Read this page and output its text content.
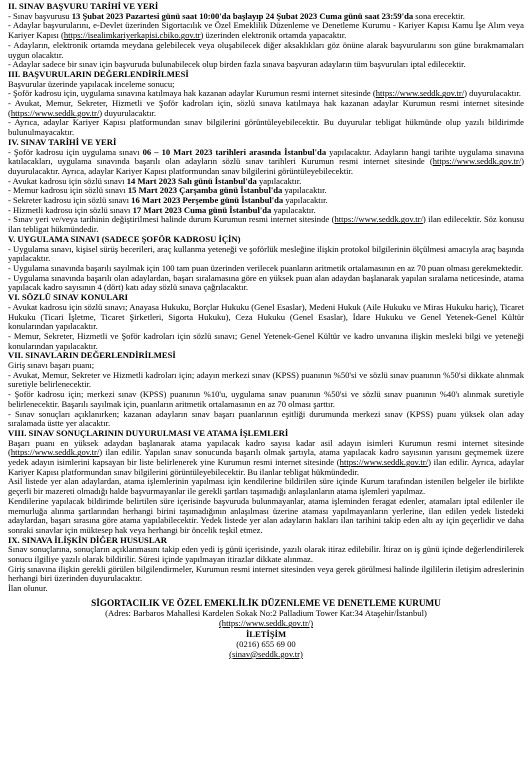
II. SINAV BAŞVURU TARİHİ VE YERİ

- Sınav başvurusu 13 Şubat 2023 Pazartesi günü saat 10:00'da başlayıp 24 Şubat 2023 Cuma günü saat 23:59'da sona erecektir.

- Adaylar başvurularını, e-Devlet üzerinden Sigortacılık ve Özel Emeklilik Düzenleme ve Denetleme Kurumu - Kariyer Kapısı Kamu İşe Alım veya Kariyer Kapısı (https://isealimkariyerkapisi.cbiko.gov.tr) üzerinden elektronik ortamda yapacaktır.

- Adayların, elektronik ortamda meydana gelebilecek veya oluşabilecek diğer aksaklıkları göz önüne alarak başvurularını son güne bırakmamaları uygun olacaktır.

- Adaylar sadece bir sınav için başvuruda bulunabilecek olup birden fazla sınava başvuran adayların tüm başvuruları iptal edilecektir.

III. BAŞVURULARIN DEĞERLENDİRİLMESİ

Başvurular üzerinde yapılacak inceleme sonucu;

- Şoför kadrosu için, uygulama sınavına katılmaya hak kazanan adaylar Kurumun resmi internet sitesinde (https://www.seddk.gov.tr/) duyurulacaktır.

- Avukat, Memur, Sekreter, Hizmetli ve Şoför kadroları için, sözlü sınava katılmaya hak kazanan adaylar Kurumun resmi internet sitesinde (https://www.seddk.gov.tr/) duyurulacaktır.

- Ayrıca, adaylar Kariyer Kapısı platformundan sınav bilgilerini görüntüleyebilecektir. Bu duyurular tebligat hükmünde olup yazılı bildirimde bulunulmayacaktır.

IV. SINAV TARİHİ VE YERİ

- Şoför kadrosu için uygulama sınavı 06 – 10 Mart 2023 tarihleri arasında İstanbul'da yapılacaktır. Adayların hangi tarihte uygulama sınavına katılacakları, uygulama sınavında başarılı olan adayların sözlü sınav tarihleri Kurumun resmi internet sitesinde (https://www.seddk.gov.tr/) duyurulacaktır. Ayrıca, adaylar Kariyer Kapısı platformundan sınav bilgilerini görüntüleyebilecektir.

- Avukat kadrosu için sözlü sınavı 14 Mart 2023 Salı günü İstanbul'da yapılacaktır.

- Memur kadrosu için sözlü sınavı 15 Mart 2023 Çarşamba günü İstanbul'da yapılacaktır.

- Sekreter kadrosu için sözlü sınavı 16 Mart 2023 Perşembe günü İstanbul'da yapılacaktır.

- Hizmetli kadrosu için sözlü sınavı 17 Mart 2023 Cuma günü İstanbul'da yapılacaktır.

- Sınav yeri ve/veya tarihinin değiştirilmesi halinde durum Kurumun resmi internet sitesinde (https://www.seddk.gov.tr/) ilan edilecektir. Söz konusu ilan tebligat hükmündedir.

V. UYGULAMA SINAVI (SADECE ŞOFÖR KADROSU İÇİN)

- Uygulama sınavı, kişisel sürüş becerileri, araç kullanma yeteneği ve şoförlük mesleğine ilişkin protokol bilgilerinin ölçülmesi amacıyla araç başında yapılacaktır.

- Uygulama sınavında başarılı sayılmak için 100 tam puan üzerinden verilecek puanların aritmetik ortalamasının en az 70 puan olması gerekmektedir.

- Uygulama sınavında başarılı olan adaylardan, başarı sıralamasına göre en yüksek puan alan adaydan başlanarak yapılan sıralama neticesinde, atama yapılacak kadro sayısının 4 (dört) katı aday sözlü sınava çağrılacaktır.

VI. SÖZLÜ SINAV KONULARI

- Avukat kadrosu için sözlü sınavı; Anayasa Hukuku, Borçlar Hukuku (Genel Esaslar), Medeni Hukuk (Aile Hukuku ve Miras Hukuku hariç), Ticaret Hukuku (Ticari İşletme, Ticaret Şirketleri, Sigorta Hukuku), Ceza Hukuku (Genel Esaslar), İdare Hukuku ve Genel Yetenek-Genel Kültür konularından yapılacaktır.

- Memur, Sekreter, Hizmetli ve Şoför kadroları için sözlü sınavı; Genel Yetenek-Genel Kültür ve kadro unvanına ilişkin mesleki bilgi ve yeteneği konularından yapılacaktır.

VII. SINAVLARIN DEĞERLENDİRİLMESİ

Giriş sınavı başarı puanı;

- Avukat, Memur, Sekreter ve Hizmetli kadroları için; adayın merkezi sınav (KPSS) puanının %50'si ve sözlü sınav puanının %50'si dikkate alınmak suretiyle belirlenecektir.

- Şoför kadrosu için; merkezi sınav (KPSS) puanının %10'u, uygulama sınav puanının %50'si ve sözlü sınav puanının %40'ı alınmak suretiyle belirlenecektir. Başarılı sayılmak için, puanların aritmetik ortalamasının en az 70 olması şarttır.

- Sınav sonuçları açıklanırken; kazanan adayların sınav başarı puanlarının eşitliği durumunda merkezi sınav (KPSS) puanı yüksek olan aday sıralamada üstte yer alacaktır.

VIII. SINAV SONUÇLARININ DUYURULMASI VE ATAMA İŞLEMLERİ

Başarı puanı en yüksek adaydan başlanarak atama yapılacak kadro sayısı kadar asil adayın isimleri Kurumun resmi internet sitesinde (https://www.seddk.gov.tr/) ilan edilir. Yapılan sınav sonucunda başarılı olmak şartıyla, atama yapılacak kadro sayısının yarısını geçmemek üzere yedek adayın isimlerini kapsayan bir liste belirlenerek yine Kurumun resmi internet sitesinde (https://www.seddk.gov.tr/) ilan edilir. Ayrıca, adaylar Kariyer Kapısı platformundan sınav bilgilerini görüntüleyebilecektir. Bu ilanlar tebligat hükmündedir.

Asil listede yer alan adaylardan, atama işlemlerinin yapılması için kendilerine bildirilen süre içinde Kurum tarafından istenilen belgeler ile birlikte geçerli bir mazereti olmadığı halde başvurmayanlar ile gerekli şartları taşımadığı anlaşılanların atama işlemleri yapılmaz.

Kendilerine yapılacak bildirimde belirtilen süre içerisinde başvuruda bulunmayanlar, atama işleminden feragat edenler, atamaları iptal edilenler ile memurluğa alınma şartlarından herhangi birini taşımadığının anlaşılması üzerine ataması yapılmayanların yerlerine, ilan edilen yedek listedeki adaylardan, başarı sırasına göre atama yapılabilecektir. Yedek listede yer alan adayların hakları ilan tarihini takip eden altı ay için geçerlidir ve daha sonraki sınavlar için müktesep hak veya herhangi bir öncelik teşkil etmez.

IX. SINAVA İLİŞKİN DİĞER HUSUSLAR

Sınav sonuçlarına, sonuçların açıklanmasını takip eden yedi iş günü içerisinde, yazılı olarak itiraz edilebilir. İtiraz on iş günü içinde değerlendirilerek sonucu ilgiliye yazılı olarak bildirilir. Süresi içinde yapılmayan itirazlar dikkate alınmaz.

Giriş sınavına ilişkin gerekli görülen bilgilendirmeler, Kurumun resmi internet sitesinden veya gerek görülmesi halinde ilgililerin iletişim adreslerinin herhangi biri üzerinden duyurulacaktır.

İlan olunur.

SİGORTACILIK VE ÖZEL EMEKLİLİK DÜZENLEME VE DENETLEME KURUMU
(Adres: Barbaros Mahallesi Kardelen Sokak No:2 Palladium Tower Kat:34 Ataşehir/İstanbul)
(https://www.seddk.gov.tr/)
İLETİŞİM
(0216) 655 69 00
(sinav@seddk.gov.tr)
